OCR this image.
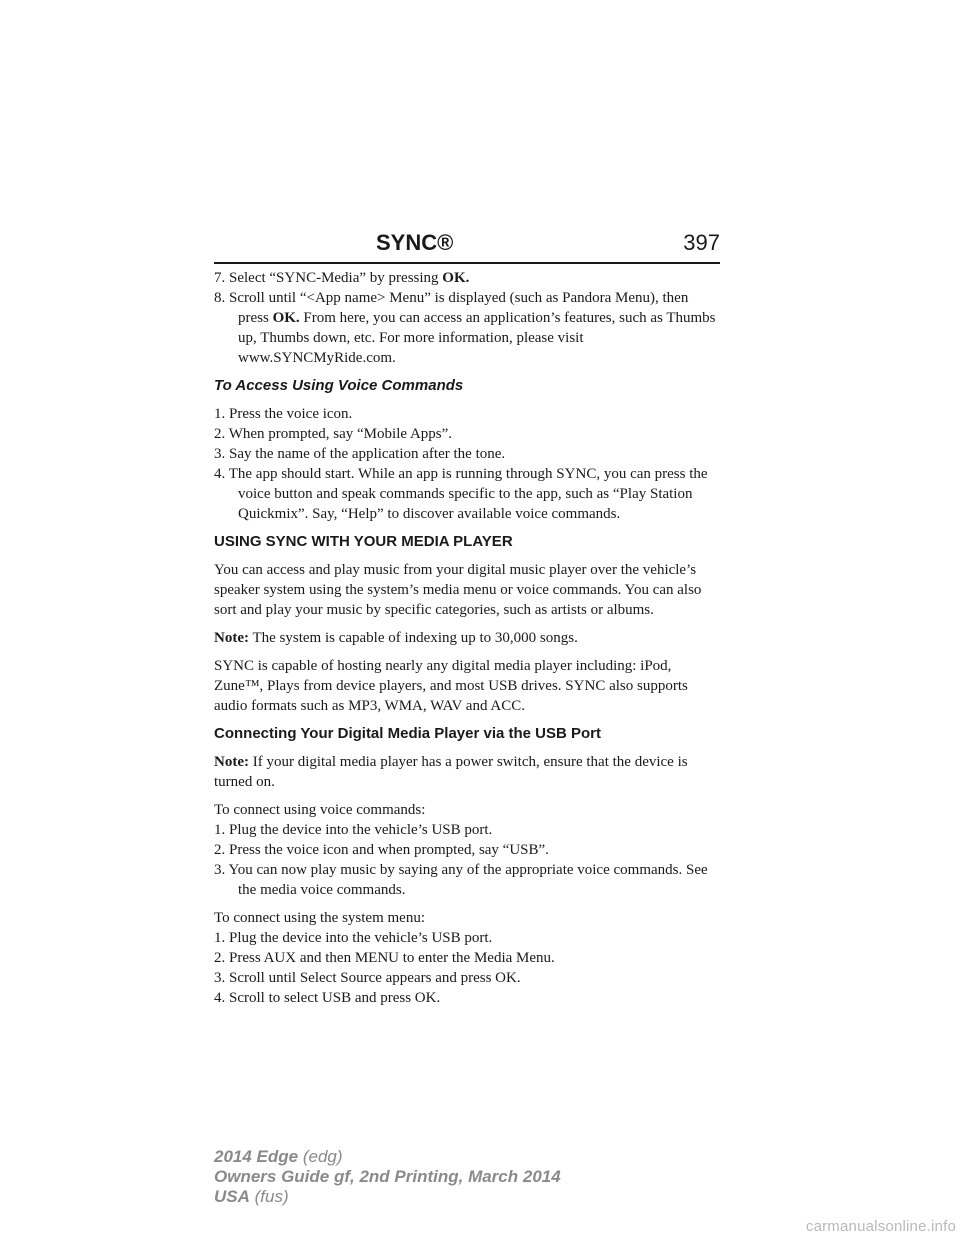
SYNC®	397
7. Select “SYNC-Media” by pressing OK.
8. Scroll until “<App name> Menu” is displayed (such as Pandora Menu), then press OK. From here, you can access an application’s features, such as Thumbs up, Thumbs down, etc. For more information, please visit www.SYNCMyRide.com.
To Access Using Voice Commands
1. Press the voice icon.
2. When prompted, say “Mobile Apps”.
3. Say the name of the application after the tone.
4. The app should start. While an app is running through SYNC, you can press the voice button and speak commands specific to the app, such as “Play Station Quickmix”. Say, “Help” to discover available voice commands.
USING SYNC WITH YOUR MEDIA PLAYER

You can access and play music from your digital music player over the vehicle’s speaker system using the system’s media menu or voice commands. You can also sort and play your music by specific categories, such as artists or albums.

Note: The system is capable of indexing up to 30,000 songs.

SYNC is capable of hosting nearly any digital media player including: iPod, Zune™, Plays from device players, and most USB drives. SYNC also supports audio formats such as MP3, WMA, WAV and ACC.

Connecting Your Digital Media Player via the USB Port

Note: If your digital media player has a power switch, ensure that the device is turned on.

To connect using voice commands:
1. Plug the device into the vehicle’s USB port.
2. Press the voice icon and when prompted, say “USB”.
3. You can now play music by saying any of the appropriate voice commands. See the media voice commands.
To connect using the system menu:
1. Plug the device into the vehicle’s USB port.
2. Press AUX and then MENU to enter the Media Menu.
3. Scroll until Select Source appears and press OK.
4. Scroll to select USB and press OK.
2014 Edge (edg)
Owners Guide gf, 2nd Printing, March 2014
USA (fus)
carmanualsonline.info
